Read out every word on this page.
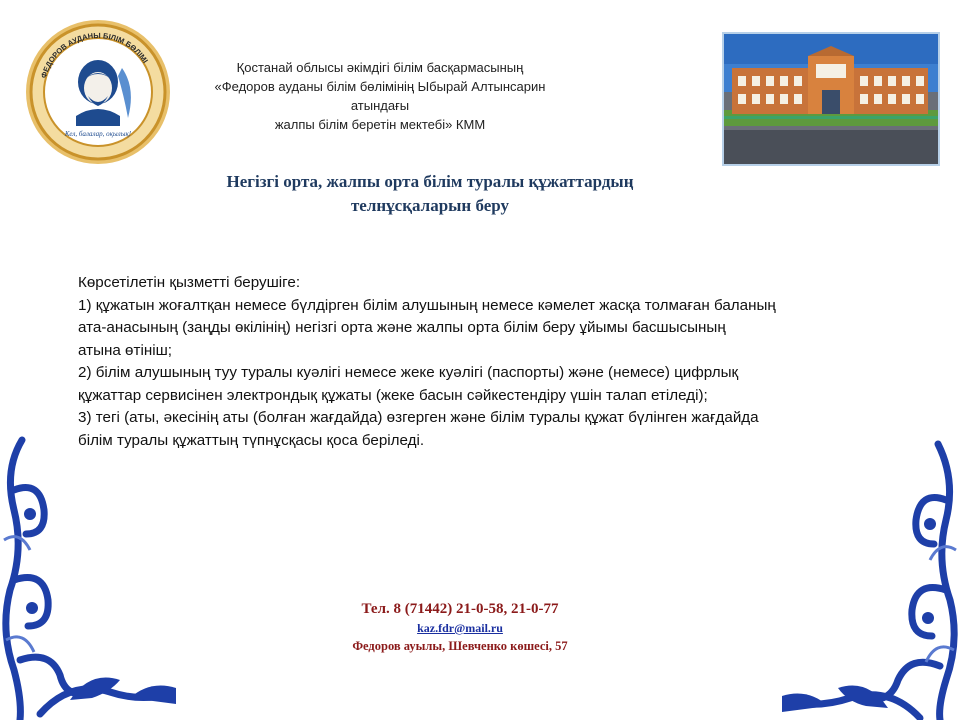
ФЕДОРОВ АУДАНЫ БІЛІМ БӨЛІМІ
Кел, балалар, оқылық!
Қостанай облысы әкімдігі білім басқармасының
«Федоров ауданы білім бөлімінің Ыбырай Алтынсарин атындағы
жалпы білім беретін мектебі» КММ
Негізгі орта, жалпы орта білім туралы құжаттардың
телнұсқаларын беру
Көрсетілетін қызметті берушіге:
1) құжатын жоғалтқан немесе бүлдірген білім алушының немесе кәмелет жасқа толмаған баланың
ата-анасының (заңды өкілінің) негізгі орта және жалпы орта білім беру ұйымы басшысының
атына өтініш;
2) білім алушының туу туралы куәлігі немесе жеке куәлігі (паспорты) және (немесе) цифрлық
құжаттар сервисінен электрондық құжаты (жеке басын сәйкестендіру үшін талап етіледі);
3) тегі (аты, әкесінің аты (болған жағдайда) өзгерген және білім туралы құжат бүлінген жағдайда
білім туралы құжаттың түпнұсқасы қоса беріледі.
Тел. 8 (71442) 21-0-58, 21-0-77
kaz.fdr@mail.ru
Федоров ауылы, Шевченко көшесі, 57
